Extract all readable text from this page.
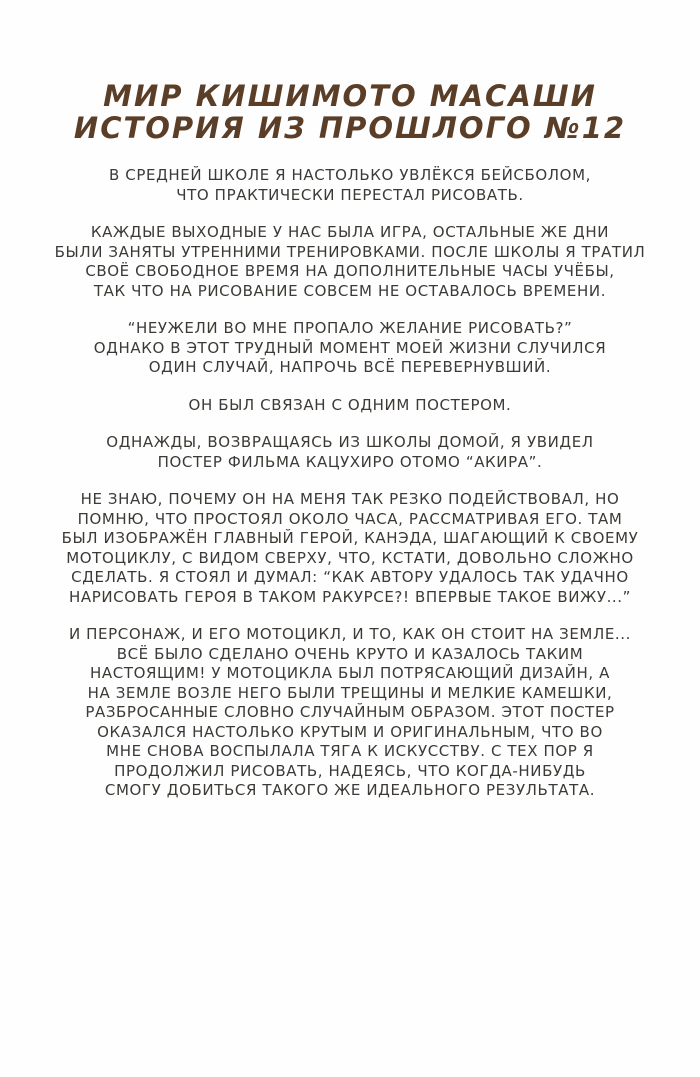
МИР КИШИМОТО МАСАШИ
ИСТОРИЯ ИЗ ПРОШЛОГО №12
В СРЕДНЕЙ ШКОЛЕ Я НАСТОЛЬКО УВЛЁКСЯ БЕЙСБОЛОМ,
ЧТО ПРАКТИЧЕСКИ ПЕРЕСТАЛ РИСОВАТЬ.
КАЖДЫЕ ВЫХОДНЫЕ У НАС БЫЛА ИГРА, ОСТАЛЬНЫЕ ЖЕ ДНИ
БЫЛИ ЗАНЯТЫ УТРЕННИМИ ТРЕНИРОВКАМИ. ПОСЛЕ ШКОЛЫ Я ТРАТИЛ
СВОЁ СВОБОДНОЕ ВРЕМЯ НА ДОПОЛНИТЕЛЬНЫЕ ЧАСЫ УЧЁБЫ,
ТАК ЧТО НА РИСОВАНИЕ СОВСЕМ НЕ ОСТАВАЛОСЬ ВРЕМЕНИ.
“НЕУЖЕЛИ ВО МНЕ ПРОПАЛО ЖЕЛАНИЕ РИСОВАТЬ?”
ОДНАКО В ЭТОТ ТРУДНЫЙ МОМЕНТ МОЕЙ ЖИЗНИ СЛУЧИЛСЯ
ОДИН СЛУЧАЙ, НАПРОЧЬ ВСЁ ПЕРЕВЕРНУВШИЙ.
ОН БЫЛ СВЯЗАН С ОДНИМ ПОСТЕРОМ.
ОДНАЖДЫ, ВОЗВРАЩАЯСЬ ИЗ ШКОЛЫ ДОМОЙ, Я УВИДЕЛ
ПОСТЕР ФИЛЬМА КАЦУХИРО ОТОМО “АКИРА”.
НЕ ЗНАЮ, ПОЧЕМУ ОН НА МЕНЯ ТАК РЕЗКО ПОДЕЙСТВОВАЛ, НО
ПОМНЮ, ЧТО ПРОСТОЯЛ ОКОЛО ЧАСА, РАССМАТРИВАЯ ЕГО. ТАМ
БЫЛ ИЗОБРАЖЁН ГЛАВНЫЙ ГЕРОЙ, КАНЭДА, ШАГАЮЩИЙ К СВОЕМУ
МОТОЦИКЛУ, С ВИДОМ СВЕРХУ, ЧТО, КСТАТИ, ДОВОЛЬНО СЛОЖНО
СДЕЛАТЬ. Я СТОЯЛ И ДУМАЛ: “КАК АВТОРУ УДАЛОСЬ ТАК УДАЧНО
НАРИСОВАТЬ ГЕРОЯ В ТАКОМ РАКУРСЕ?! ВПЕРВЫЕ ТАКОЕ ВИЖУ...”
И ПЕРСОНАЖ, И ЕГО МОТОЦИКЛ, И ТО, КАК ОН СТОИТ НА ЗЕМЛЕ...
ВСЁ БЫЛО СДЕЛАНО ОЧЕНЬ КРУТО И КАЗАЛОСЬ ТАКИМ
НАСТОЯЩИМ! У МОТОЦИКЛА БЫЛ ПОТРЯСАЮЩИЙ ДИЗАЙН, А
НА ЗЕМЛЕ ВОЗЛЕ НЕГО БЫЛИ ТРЕЩИНЫ И МЕЛКИЕ КАМЕШКИ,
РАЗБРОСАННЫЕ СЛОВНО СЛУЧАЙНЫМ ОБРАЗОМ. ЭТОТ ПОСТЕР
ОКАЗАЛСЯ НАСТОЛЬКО КРУТЫМ И ОРИГИНАЛЬНЫМ, ЧТО ВО
МНЕ СНОВА ВОСПЫЛАЛА ТЯГА К ИСКУССТВУ. С ТЕХ ПОР Я
ПРОДОЛЖИЛ РИСОВАТЬ, НАДЕЯСЬ, ЧТО КОГДА-НИБУДЬ
СМОГУ ДОБИТЬСЯ ТАКОГО ЖЕ ИДЕАЛЬНОГО РЕЗУЛЬТАТА.
